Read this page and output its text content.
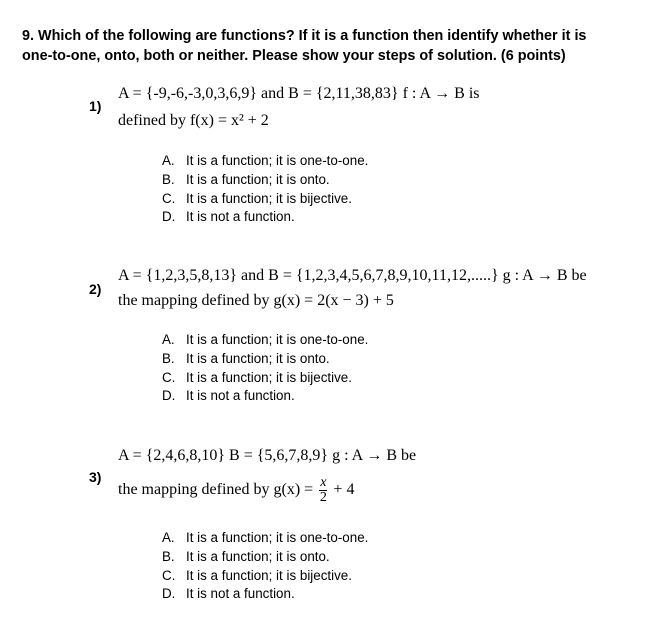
9. Which of the following are functions? If it is a function then identify whether it is
one-to-one, onto, both or neither. Please show your steps of solution. (6 points)
1)
A = {-9,-6,-3,0,3,6,9} and B = {2,11,38,83} f : A → B is
defined by f(x) = x² + 2
A. It is a function; it is one-to-one.
B. It is a function; it is onto.
C. It is a function; it is bijective.
D. It is not a function.
2)
A = {1,2,3,5,8,13} and B = {1,2,3,4,5,6,7,8,9,10,11,12,.....} g : A → B be
the mapping defined by g(x) = 2(x − 3) + 5
A. It is a function; it is one-to-one.
B. It is a function; it is onto.
C. It is a function; it is bijective.
D. It is not a function.
3)
A = {2,4,6,8,10} B = {5,6,7,8,9} g : A → B be
the mapping defined by $g(x) = \frac{x}{2} + 4$
A. It is a function; it is one-to-one.
B. It is a function; it is onto.
C. It is a function; it is bijective.
D. It is not a function.
